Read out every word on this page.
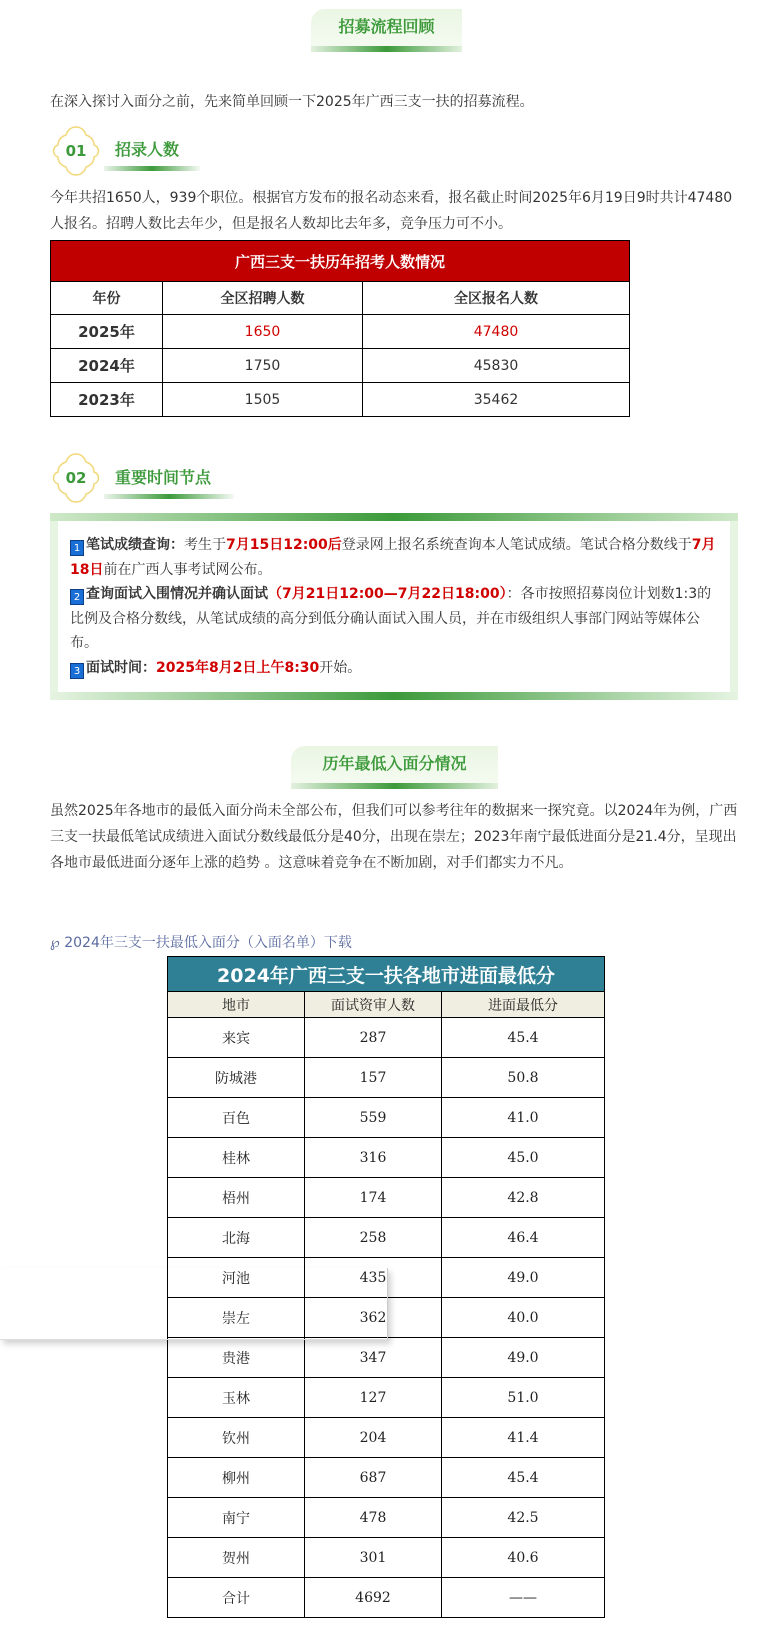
招募流程回顾
在深入探讨入面分之前，先来简单回顾一下2025年广西三支一扶的招募流程。
01	招录人数
今年共招1650人，939个职位。根据官方发布的报名动态来看，报名截止时间2025年6月19日9时共计47480人报名。招聘人数比去年少，但是报名人数却比去年多，竞争压力可不小。
广西三支一扶历年招考人数情况		
年份	全区招聘人数	全区报名人数
2025年	1650	47480
2024年	1750	45830
2023年	1505	35462
02	重要时间节点
1 笔试成绩查询：考生于7月15日12:00后登录网上报名系统查询本人笔试成绩。笔试合格分数线于7月18日前在广西人事考试网公布。
2 查询面试入围情况并确认面试（7月21日12:00—7月22日18:00）：各市按照招募岗位计划数1:3的比例及合格分数线，从笔试成绩的高分到低分确认面试入围人员，并在市级组织人事部门网站等媒体公布。
3 面试时间：2025年8月2日上午8:30开始。
历年最低入面分情况
虽然2025年各地市的最低入面分尚未全部公布，但我们可以参考往年的数据来一探究竟。以2024年为例，广西三支一扶最低笔试成绩进入面试分数线最低分是40分，出现在崇左；2023年南宁最低进面分是21.4分，呈现出各地市最低进面分逐年上涨的趋势 。这意味着竞争在不断加剧，对手们都实力不凡。
℘ 2024年三支一扶最低入面分（入面名单）下载
2024年广西三支一扶各地市进面最低分		
地市	面试资审人数	进面最低分
来宾	287	45.4
防城港	157	50.8
百色	559	41.0
桂林	316	45.0
梧州	174	42.8
北海	258	46.4
河池	435	49.0
崇左	362	40.0
贵港	347	49.0
玉林	127	51.0
钦州	204	41.4
柳州	687	45.4
南宁	478	42.5
贺州	301	40.6
合计	4692	——
